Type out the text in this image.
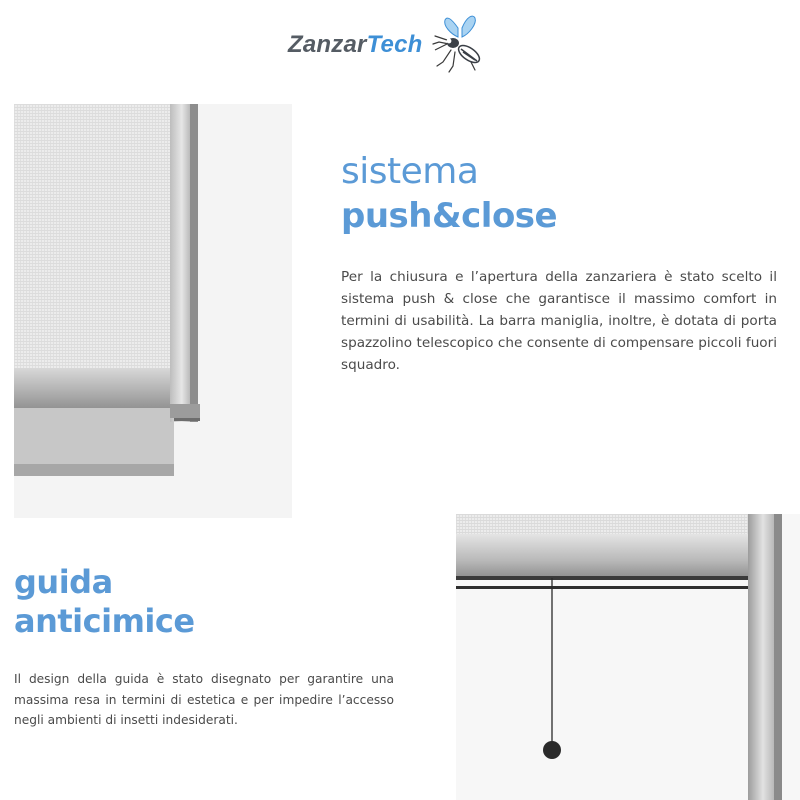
ZanzarTech
sistema
push&close

Per la chiusura e l’apertura della zanzariera è stato scelto il sistema push & close che garantisce il massimo comfort in termini di usabilità. La barra maniglia, inoltre, è dotata di porta spazzolino telescopico che consente di compensare piccoli fuori squadro.

guida
anticimice

Il design della guida è stato disegnato per garantire una massima resa in termini di estetica e per impedire l’accesso negli ambienti di insetti indesiderati.
